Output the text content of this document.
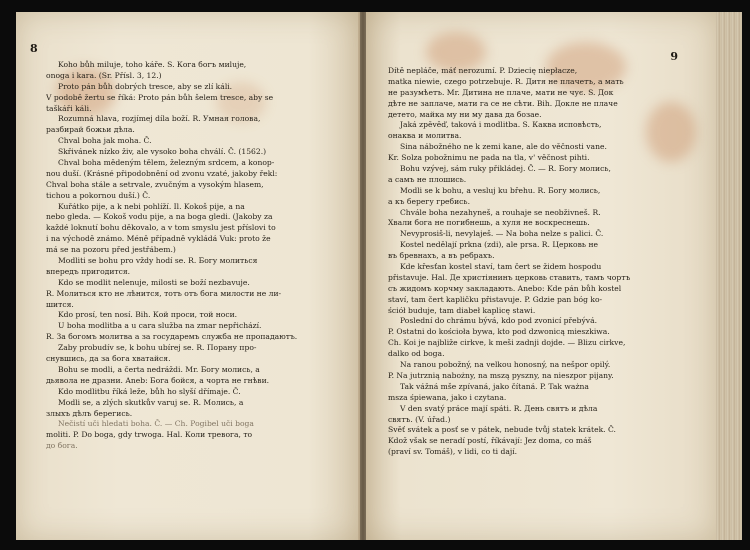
8
Koho bůh miluje, toho káře. S. Кога богъ миluje,
onoga i kara. (Sr. Přísl. 3, 12.)
Proto pán bůh dobrých tresce, aby se zlí káli.
V podobě žertu se říká: Proto pán bůh šelem tresce, aby se
taškáři káli.
Rozumná hlava, rozjímej díla boží. R. Умная голова,
разбирай божьи дѣла.
Chval boha jak moha. Č.
Skřivánek nízko živ, ale vysoko boha chválí. Č. (1562.)
Chval boha mědeným tělem, železným srdcem, a konop-
nou duší. (Krásné připodobnění od zvonu vzaté, jakoby řekl:
Chval boha stále a setrvale, zvučným a vysokým hlasem,
tichou a pokornou duší.) Č.
Kuřátko pije, a k nebi pohlíží. Il. Kokoš pije, a na
nebo gleda. — Kokoš vodu pije, a na boga gledi. (Jakoby za
každé loknutí bohu děkovalo, a v tom smyslu jest příslovi to
i na východě známo. Méně případně vykládá Vuk: proto že
má se na pozoru před jestřábem.)
Modliti se bohu pro vždy hodí se. R. Богу молиться
впередъ пригодится.
Kdo se modlit nelenuje, milosti se boží nezbavuje.
R. Молиться кто не лѣнится, тотъ отъ бога милости не ли-
шится.
Kdo prosí, ten nosí. Bih. Кой проси, той носи.
U boha modlitba a u cara služba na zmar nepřichází.
R. За богомъ молитва а за государемъ служба не пропадаютъ.
Zaby probudív se, k bohu ubírej se. R. Порану про-
снувшись, да за бога хватайся.
Bohu se modli, a čerta nedráždi. Mr. Богу молись, а
дьявола не дразни. Aneb: Бога бойся, а чорта не гнѣви.
Kdo modlitbu říká leže, bůh ho slyší dřímaje. Č.
Modli se, a zlých skutkův varuj se. R. Молись, а
злыхъ дѣлъ берегись.
Nečistí uči hledati boha. Č. — Ch. Pogibel uči boga
moliti. P. Do boga, gdy trwoga. Hal. Коли тревога, то
до бога.
9
Dítě nepláče, máť nerozumí. P. Dziecię niepłacze,
matka niewie, czego potrzebuje. R. Дитя не плачетъ, а мать
не разумѣетъ. Mr. Дитина не плаче, мати не чує. S. Док
дѣте не заплаче, мати га се не сѣти. Bih. Докле не плаче
детето, майка му ни му дава да бозае.
Jaká zpěvěď, taková i modlitba. S. Каква исповѣсть,
онаква и молитва.
Sina nábožného ne k zemi kane, ale do věčnosti vane.
Kr. Solza pobožnimu ne pada na tla, v' věčnost pihti.
Bohu vzývej, sám ruky přikládej. Č. — R. Богу молись,
а самъ не плошись.
Modli se k bohu, a vesluj ku břehu. R. Богу молись,
а къ берегу гребись.
Chvále boha nezahyneš, a rouhaje se neobživneš. R.
Хвали бога не погибнешь, а хуля не воскреснешь.
Nevyprosiš-li, nevylaješ. — Na boha nelze s palici. Č.
Kostel nedělají prkna (zdi), ale prsa. R. Церковь не
въ бревнахъ, а въ ребрахъ.
Kde křesťan kostel staví, tam čert se židem hospodu
přistavuje. Hal. Де христіянинъ церковь ставить, тамъ чортъ
съ жидомъ корчму закладають. Anebo: Kde pán bůh kostel
staví, tam čert kapličku přistavuje. P. Gdzie pan bóg ko-
ściół buduje, tam diabeł kaplicę stawi.
Poslední do chrámu bývá, kdo pod zvonicí přebývá.
P. Ostatni do kościoła bywa, kto pod dzwonicą mieszkiwa.
Ch. Koi je najbliže cirkve, k meši zadnji dojde. — Blizu cirkve,
dalko od boga.
Na ranou pobožný, na velkou honosný, na nešpor opilý.
P. Na jutrznią nabożny, na mszą pyszny, na nieszpor pijany.
Tak vážná mše zpívaná, jako čítaná. P. Tak ważna
msza śpiewana, jako i czytana.
V den svatý práce mají spáti. R. День святъ и дѣла
святъ. (V. úřad.)
Svěť svátek a posť se v pátek, nebude tvůj statek krátek. Č.
Kdož však se neradí postí, říkávají: Jez doma, co máš
(praví sv. Tomáš), v lidi, co ti dají.
